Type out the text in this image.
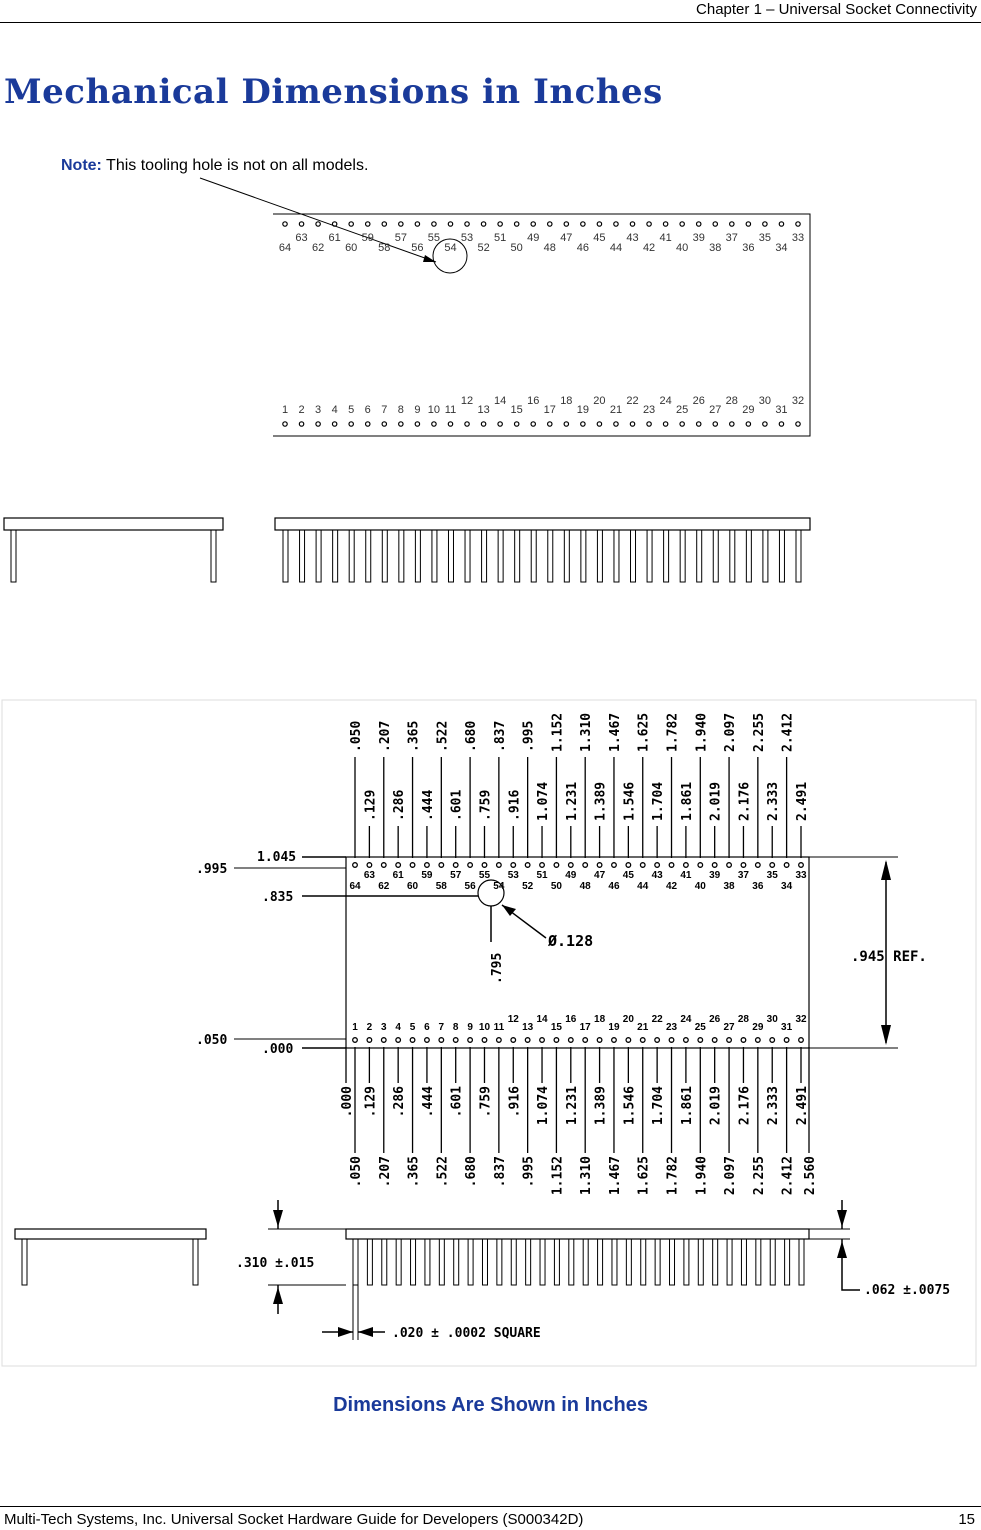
Chapter 1 – Universal Socket Connectivity
Mechanical Dimensions in Inches
Note: This tooling hole is not on all models.
64
63
62
61
60
59
58
57
56
55
54
53
52
51
50
49
48
47
46
45
44
43
42
41
40
39
38
37
36
35
34
33
1 2 3 4 5 6 7 8 9 10 11
12
13
14
15
16
17
18
19
20
21
22
23
24
25
26
27
28
29
30
31
32
64
1
63
2
62
3
61
4
60
5
59
6
58
7
57
8
56
9
55
10
54
11
53
12
52
13
51
14
50
15
49
16
48
17
47
18
46
19
45
20
44
21
43
22
42
23
41
24
40
25
39
26
38
27
37
28
36
29
35
30
34
31
33
32
.050 .207 .365 .522 .680 .837 .995 1.152 1.310 1.467 1.625 1.782 1.940 2.097 2.255 2.412
.129 .286 .444 .601 .759 .916 1.074 1.231 1.389 1.546 1.704 1.861 2.019 2.176 2.333 2.491
.000 .129 .286 .444 .601 .759 .916 1.074 1.231 1.389 1.546 1.704 1.861 2.019 2.176 2.333 2.491
.050 .207 .365 .522 .680 .837 .995 1.152 1.310 1.467 1.625 1.782 1.940 2.097 2.255 2.412 2.560
.995
1.045
.835
.050
.000
.795
Ø.128
.945 REF.
.310 ±.015
.062 ±.0075
.020 ± .0002 SQUARE
Dimensions Are Shown in Inches
Multi-Tech Systems, Inc. Universal Socket Hardware Guide for Developers (S000342D)	15
